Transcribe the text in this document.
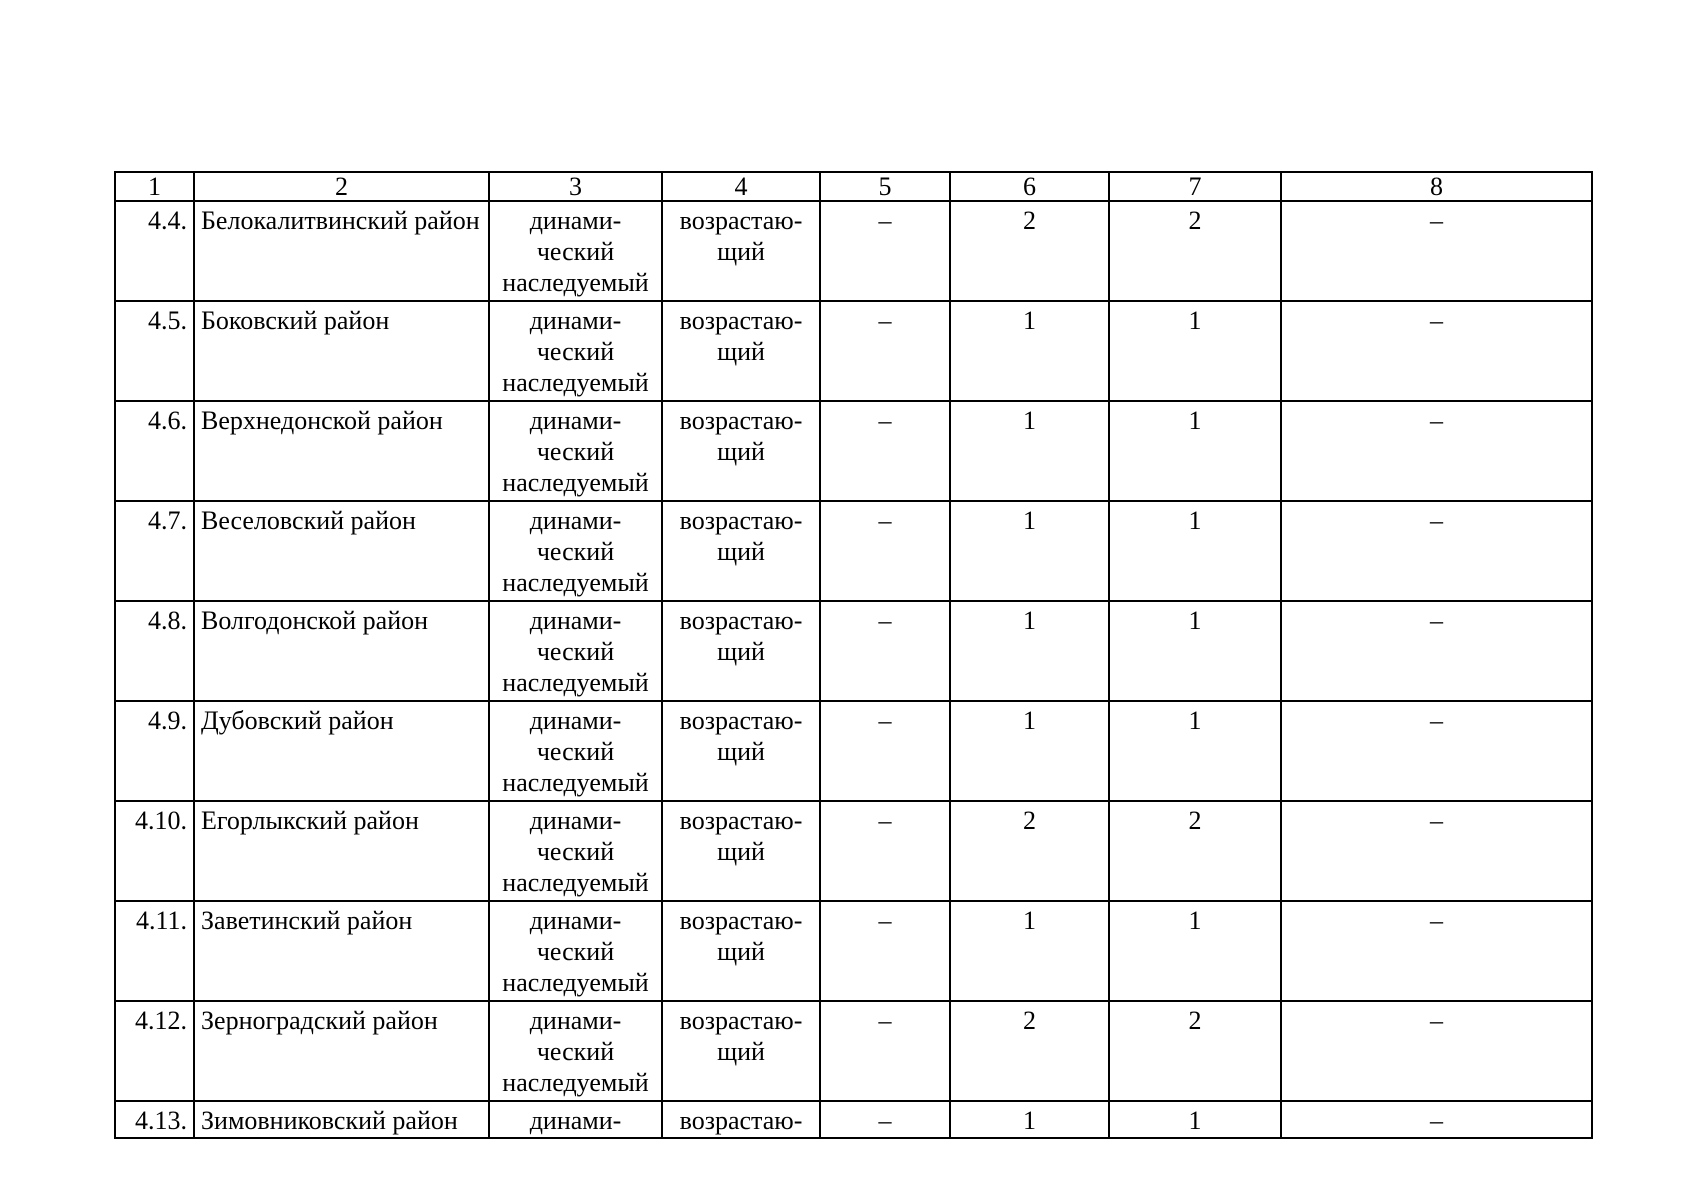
1	2	3	4	5	6	7	8
4.4.	Белокалитвинский район	динами-ческий наследуемый	возрастаю-щий	–	2	2	–
4.5.	Боковский район	динами-ческий наследуемый	возрастаю-щий	–	1	1	–
4.6.	Верхнедонской район	динами-ческий наследуемый	возрастаю-щий	–	1	1	–
4.7.	Веселовский район	динами-ческий наследуемый	возрастаю-щий	–	1	1	–
4.8.	Волгодонской район	динами-ческий наследуемый	возрастаю-щий	–	1	1	–
4.9.	Дубовский район	динами-ческий наследуемый	возрастаю-щий	–	1	1	–
4.10.	Егорлыкский район	динами-ческий наследуемый	возрастаю-щий	–	2	2	–
4.11.	Заветинский район	динами-ческий наследуемый	возрастаю-щий	–	1	1	–
4.12.	Зерноградский район	динами-ческий наследуемый	возрастаю-щий	–	2	2	–
4.13.	Зимовниковский район	динами-	возрастаю-	–	1	1	–
